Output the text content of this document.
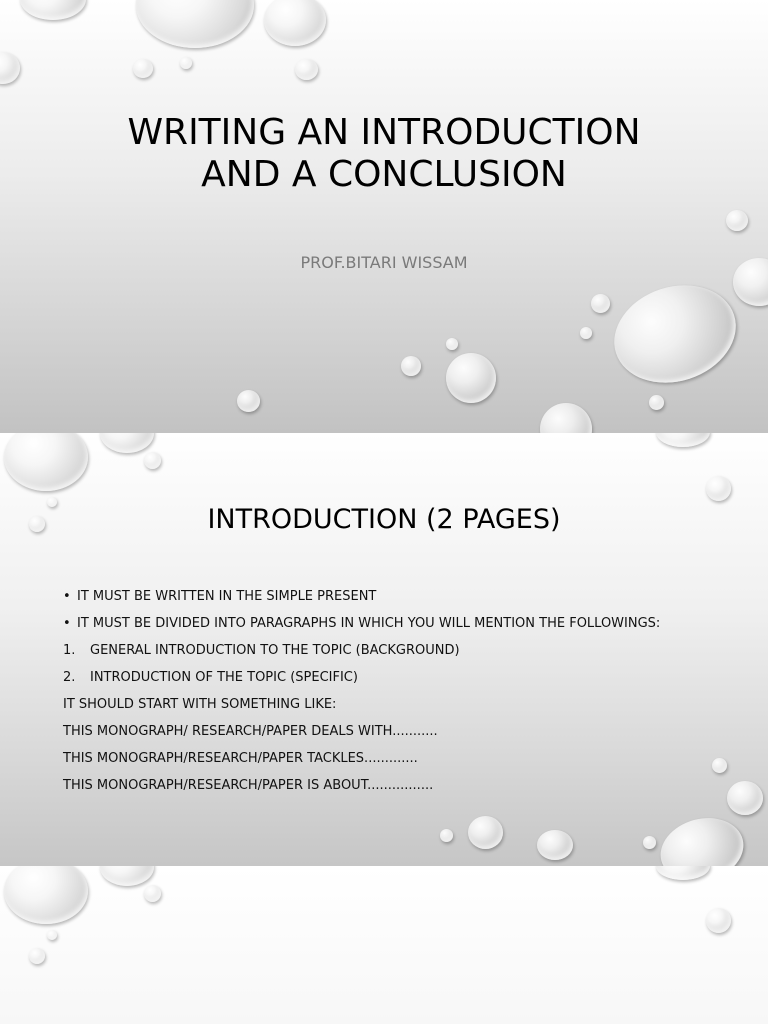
WRITING AN INTRODUCTION AND A CONCLUSION

PROF.BITARI WISSAM

INTRODUCTION (2 PAGES)
• IT MUST BE WRITTEN IN THE SIMPLE PRESENT
• IT MUST BE DIVIDED INTO PARAGRAPHS IN WHICH YOU WILL MENTION THE FOLLOWINGS:
1. GENERAL INTRODUCTION TO THE TOPIC (BACKGROUND)
2. INTRODUCTION OF THE TOPIC (SPECIFIC)
IT SHOULD START WITH SOMETHING LIKE:
THIS MONOGRAPH/ RESEARCH/PAPER DEALS WITH...........
THIS MONOGRAPH/RESEARCH/PAPER TACKLES.............
THIS MONOGRAPH/RESEARCH/PAPER IS ABOUT................
